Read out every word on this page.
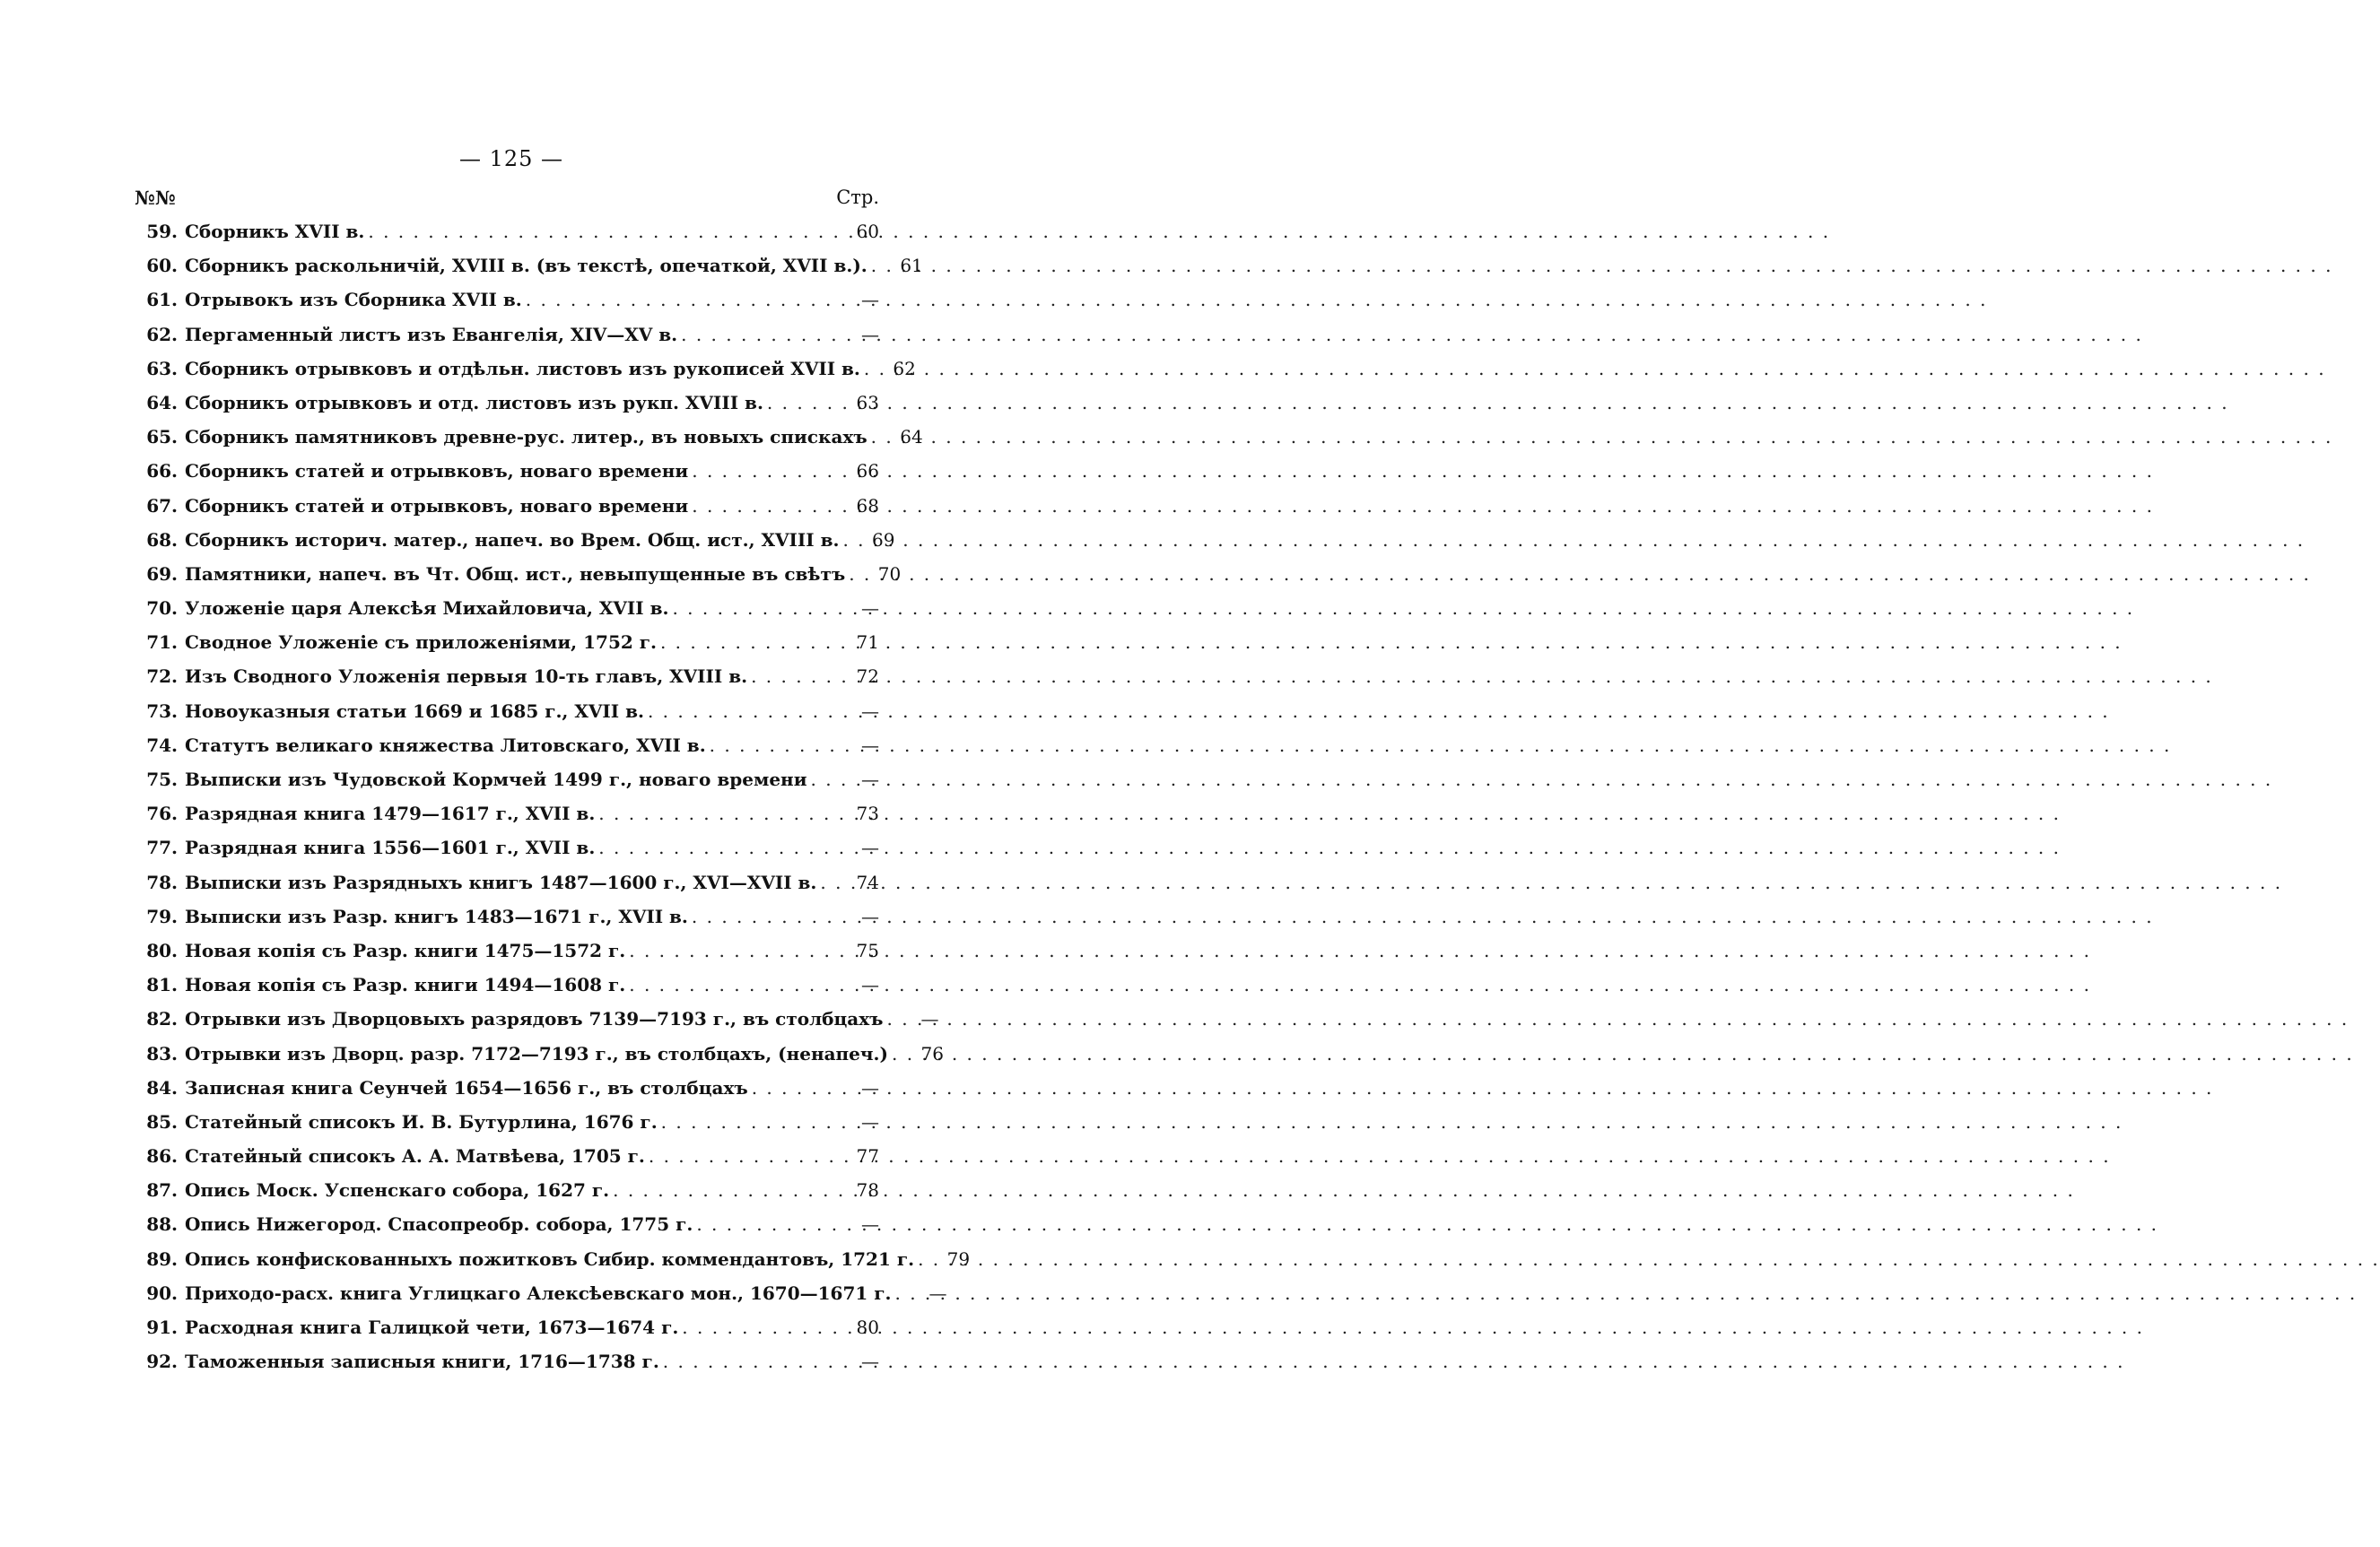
— 125 —
№№	Стр.
59. Сборникъ XVII в. . . .	60
60. Сборникъ раскольничій, XVIII в. (въ текстѣ, опечаткой, XVII в.). . . .	61
61. Отрывокъ изъ Сборника XVII в. . . .	—
62. Пергаменный листъ изъ Евангелія, XIV—XV в. . . .	—
63. Сборникъ отрывковъ и отдѣльн. листовъ изъ рукописей XVII в. . . .	62
64. Сборникъ отрывковъ и отд. листовъ изъ рукп. XVIII в. . . .	63
65. Сборникъ памятниковъ древне-рус. литер., въ новыхъ спискахъ . . .	64
66. Сборникъ статей и отрывковъ, новаго времени . . .	66
67. Сборникъ статей и отрывковъ, новаго времени . . .	68
68. Сборникъ историч. матер., напеч. во Врем. Общ. ист., XVIII в. . . .	69
69. Памятники, напеч. въ Чт. Общ. ист., невыпущенные въ свѣтъ . . .	70
70. Уложеніе царя Алексѣя Михайловича, XVII в. . . .	—
71. Сводное Уложеніе съ приложеніями, 1752 г. . . .	71
72. Изъ Сводного Уложенія первыя 10-ть главъ, XVIII в. . . .	72
73. Новоуказныя статьи 1669 и 1685 г., XVII в. . . .	—
74. Статутъ великаго княжества Литовскаго, XVII в. . . .	—
75. Выписки изъ Чудовской Кормчей 1499 г., новаго времени . . .	—
76. Разрядная книга 1479—1617 г., XVII в. . . .	73
77. Разрядная книга 1556—1601 г., XVII в. . . .	—
78. Выписки изъ Разрядныхъ книгъ 1487—1600 г., XVI—XVII в. . . .	74
79. Выписки изъ Разр. книгъ 1483—1671 г., XVII в. . . .	—
80. Новая копія съ Разр. книги 1475—1572 г. . . .	75
81. Новая копія съ Разр. книги 1494—1608 г. . . .	—
82. Отрывки изъ Дворцовыхъ разрядовъ 7139—7193 г., въ столбцахъ . . .	—
83. Отрывки изъ Дворц. разр. 7172—7193 г., въ столбцахъ, (ненапеч.) . . .	76
84. Записная книга Сеунчей 1654—1656 г., въ столбцахъ . . .	—
85. Статейный списокъ И. В. Бутурлина, 1676 г. . . .	—
86. Статейный списокъ А. А. Матвѣева, 1705 г. . . .	77
87. Опись Моск. Успенскаго собора, 1627 г. . . .	78
88. Опись Нижегород. Спасопреобр. собора, 1775 г. . . .	—
89. Опись конфискованныхъ пожитковъ Сибир. коммендантовъ, 1721 г. . . .	79
90. Приходо-расх. книга Углицкаго Алексѣевскаго мон., 1670—1671 г. . . .	—
91. Расходная книга Галицкой чети, 1673—1674 г. . . .	80
92. Таможенныя записныя книги, 1716—1738 г. . . .	—
